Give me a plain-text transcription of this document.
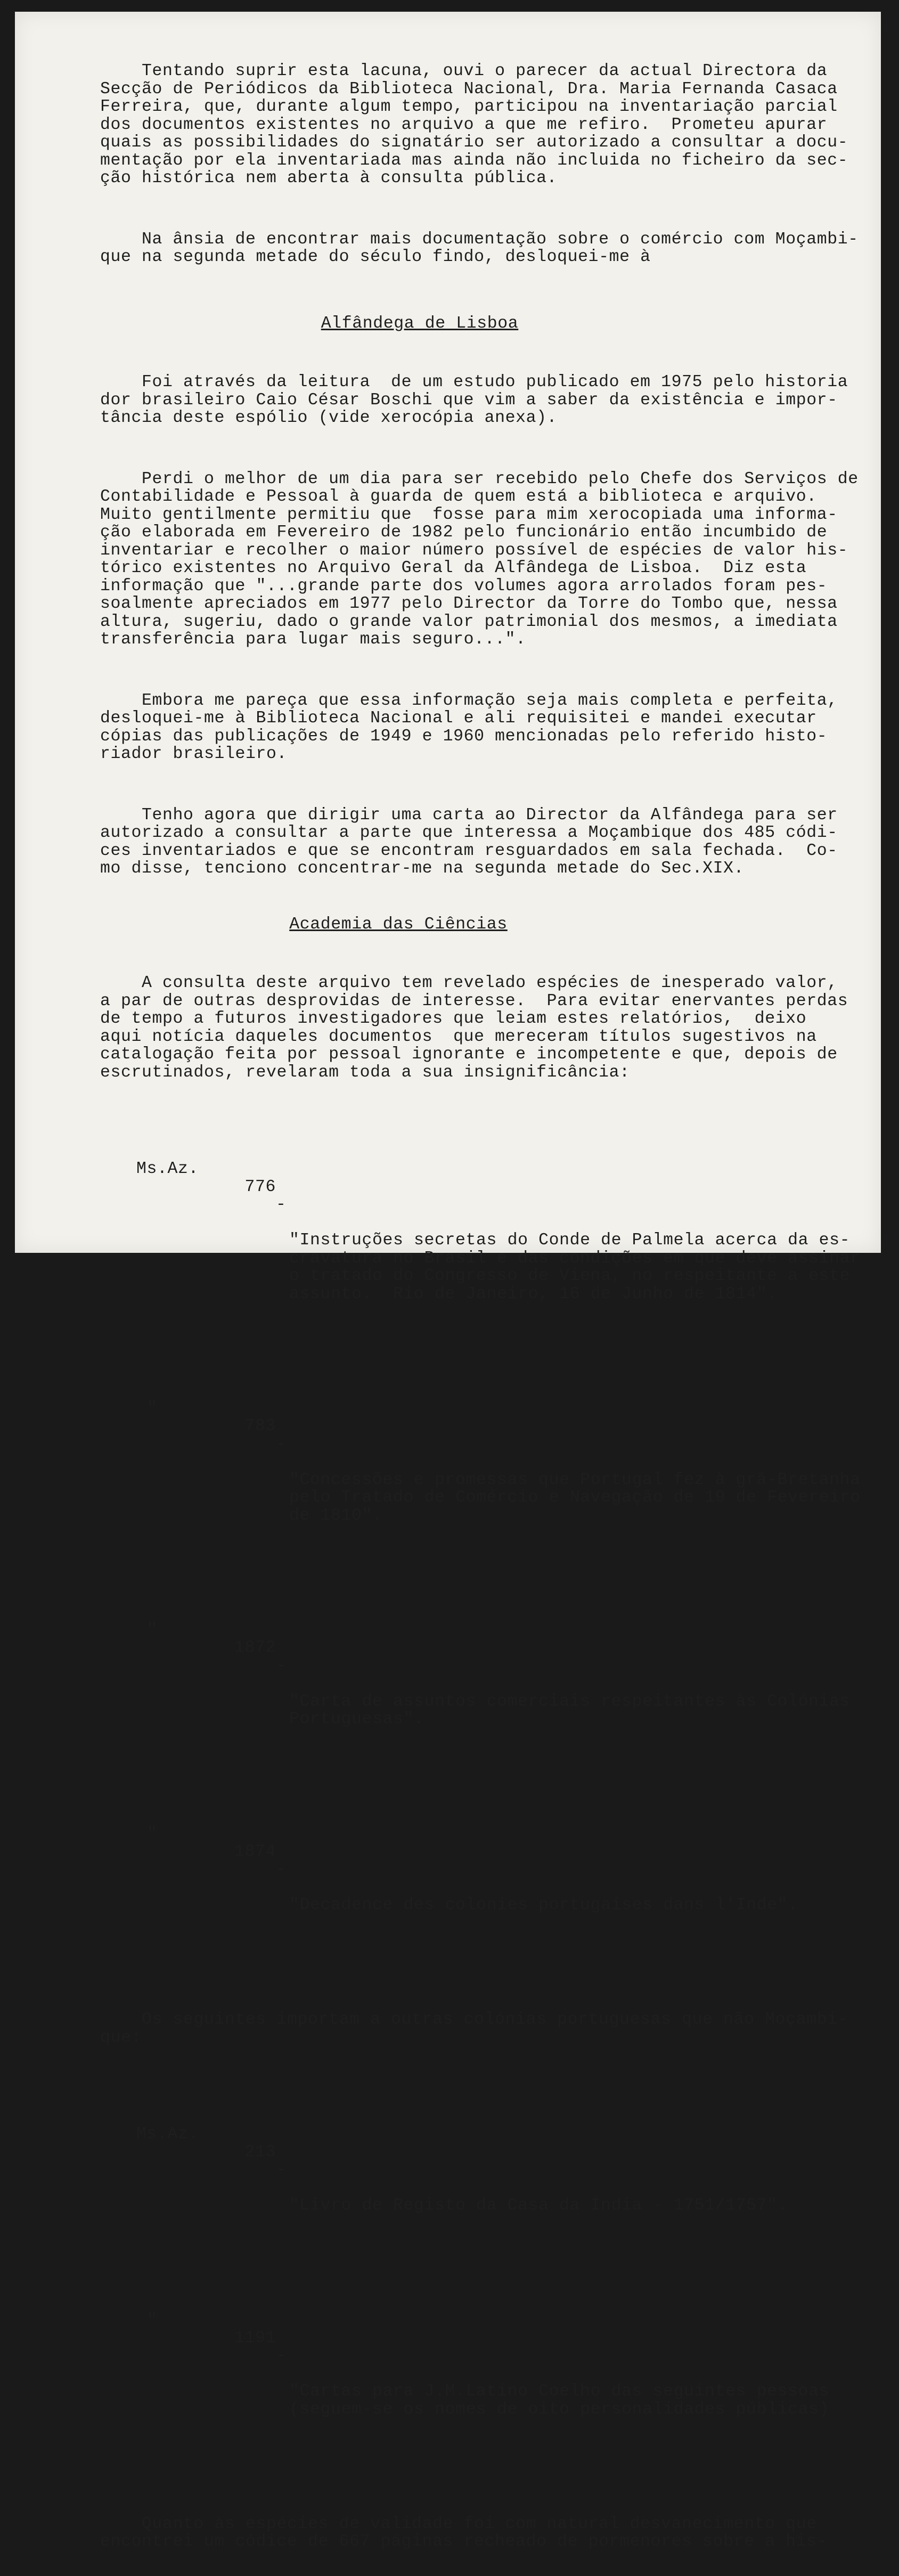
Tentando suprir esta lacuna, ouvi o parecer da actual Directora da
Secção de Periódicos da Biblioteca Nacional, Dra. Maria Fernanda Casaca
Ferreira, que, durante algum tempo, participou na inventariação parcial
dos documentos existentes no arquivo a que me refiro.  Prometeu apurar
quais as possibilidades do signatário ser autorizado a consultar a docu-
mentação por ela inventariada mas ainda não incluida no ficheiro da sec-
ção histórica nem aberta à consulta pública.

Na ânsia de encontrar mais documentação sobre o comércio com Moçambi-
que na segunda metade do século findo, desloquei-me à

Alfândega de Lisboa

Foi através da leitura  de um estudo publicado em 1975 pelo historia
dor brasileiro Caio César Boschi que vim a saber da existência e impor-
tância deste espólio (vide xerocópia anexa).

Perdi o melhor de um dia para ser recebido pelo Chefe dos Serviços de
Contabilidade e Pessoal à guarda de quem está a biblioteca e arquivo.
Muito gentilmente permitiu que  fosse para mim xerocopiada uma informa-
ção elaborada em Fevereiro de 1982 pelo funcionário então incumbido de
inventariar e recolher o maior número possível de espécies de valor his-
tórico existentes no Arquivo Geral da Alfândega de Lisboa.  Diz esta
informação que "...grande parte dos volumes agora arrolados foram pes-
soalmente apreciados em 1977 pelo Director da Torre do Tombo que, nessa
altura, sugeriu, dado o grande valor patrimonial dos mesmos, a imediata
transferência para lugar mais seguro...".

Embora me pareça que essa informação seja mais completa e perfeita,
desloquei-me à Biblioteca Nacional e ali requisitei e mandei executar
cópias das publicações de 1949 e 1960 mencionadas pelo referido histo-
riador brasileiro.

Tenho agora que dirigir uma carta ao Director da Alfândega para ser
autorizado a consultar a parte que interessa a Moçambique dos 485 códi-
ces inventariados e que se encontram resguardados em sala fechada.  Co-
mo disse, tenciono concentrar-me na segunda metade do Sec.XIX.

Academia das Ciências

A consulta deste arquivo tem revelado espécies de inesperado valor,
a par de outras desprovidas de interesse.  Para evitar enervantes perdas
de tempo a futuros investigadores que leiam estes relatórios,  deixo
aqui notícia daqueles documentos  que mereceram títulos sugestivos na
catalogação feita por pessoal ignorante e incompetente e que, depois de
escrutinados, revelaram toda a sua insignificância:

Ms.Az.

776

-

"Instruções secretas do Conde de Palmela acerca da es-
cravatura no Brasil e das condições em que deve assinar
o tratado do Congresso de Viena, no respeitante a este
assunto.  Rio de Janeiro, 16 de Junho de 1814".

"

783

-

"Concessões e promessas que Portugal fez à grã-Bretanha
pelo Tratado de Comércio e Navegação de 19 de Fevereiro
de 1810".

"

1872

-

"Carta de assuntos comerciais respeitantes às Colónias
Portuguesas".

"

1874

-

"Decadence des colonies portugaises dans l'Inde".

Os seguintes importam a outras colónias portuguesas que não Moçambi-
que:

Ms.Az.

213

-

"Livro de Registo da Casa da Índia - 1751/1757".

"

1191

-

"Cartas para J.M.Latino Coelho das seguintes pessoas
(seguem-se os nomes de oito personalidades públicas)

Quanto às espécies de validade foi com natural desvanecimento que
encontrei um códice de 667 páginas recheado de pormenores sobre a his-
